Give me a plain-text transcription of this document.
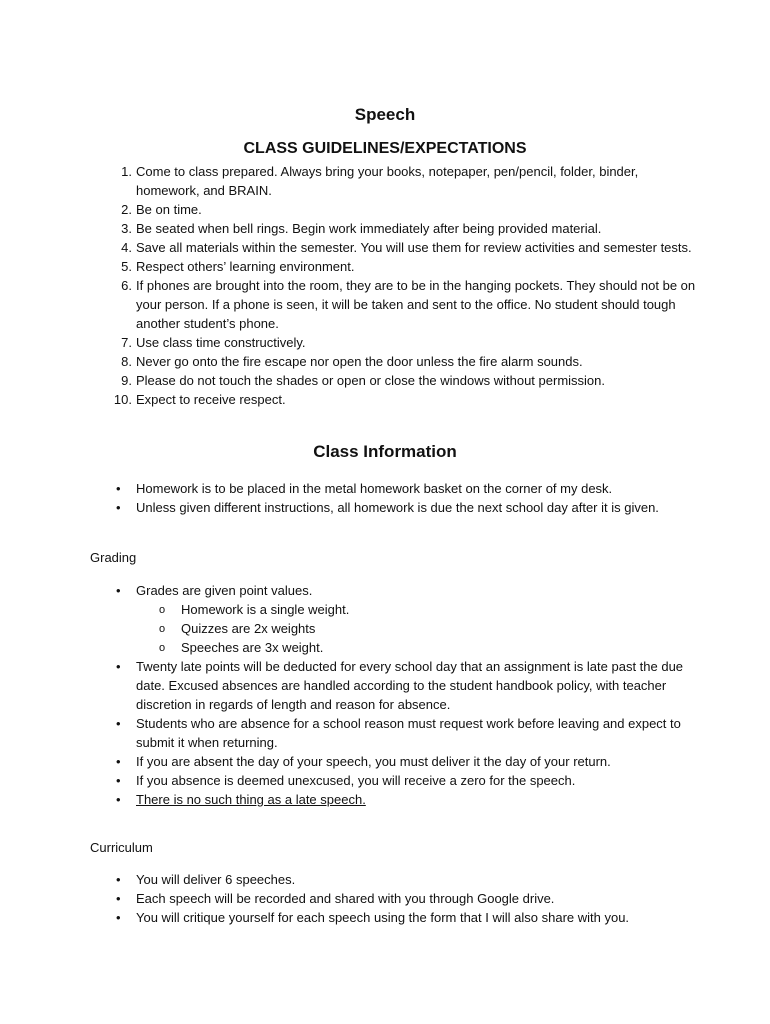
Speech
CLASS GUIDELINES/EXPECTATIONS
1. Come to class prepared. Always bring your books, notepaper, pen/pencil, folder, binder, homework, and BRAIN.
2. Be on time.
3. Be seated when bell rings. Begin work immediately after being provided material.
4. Save all materials within the semester. You will use them for review activities and semester tests.
5. Respect others’ learning environment.
6. If phones are brought into the room, they are to be in the hanging pockets. They should not be on your person. If a phone is seen, it will be taken and sent to the office. No student should tough another student’s phone.
7. Use class time constructively.
8. Never go onto the fire escape nor open the door unless the fire alarm sounds.
9. Please do not touch the shades or open or close the windows without permission.
10. Expect to receive respect.
Class Information
• Homework is to be placed in the metal homework basket on the corner of my desk.
• Unless given different instructions, all homework is due the next school day after it is given.
Grading
• Grades are given point values.
o Homework is a single weight.
o Quizzes are 2x weights
o Speeches are 3x weight.
• Twenty late points will be deducted for every school day that an assignment is late past the due date. Excused absences are handled according to the student handbook policy, with teacher discretion in regards of length and reason for absence.
• Students who are absence for a school reason must request work before leaving and expect to submit it when returning.
• If you are absent the day of your speech, you must deliver it the day of your return.
• If you absence is deemed unexcused, you will receive a zero for the speech.
• There is no such thing as a late speech.
Curriculum
• You will deliver 6 speeches.
• Each speech will be recorded and shared with you through Google drive.
• You will critique yourself for each speech using the form that I will also share with you.
